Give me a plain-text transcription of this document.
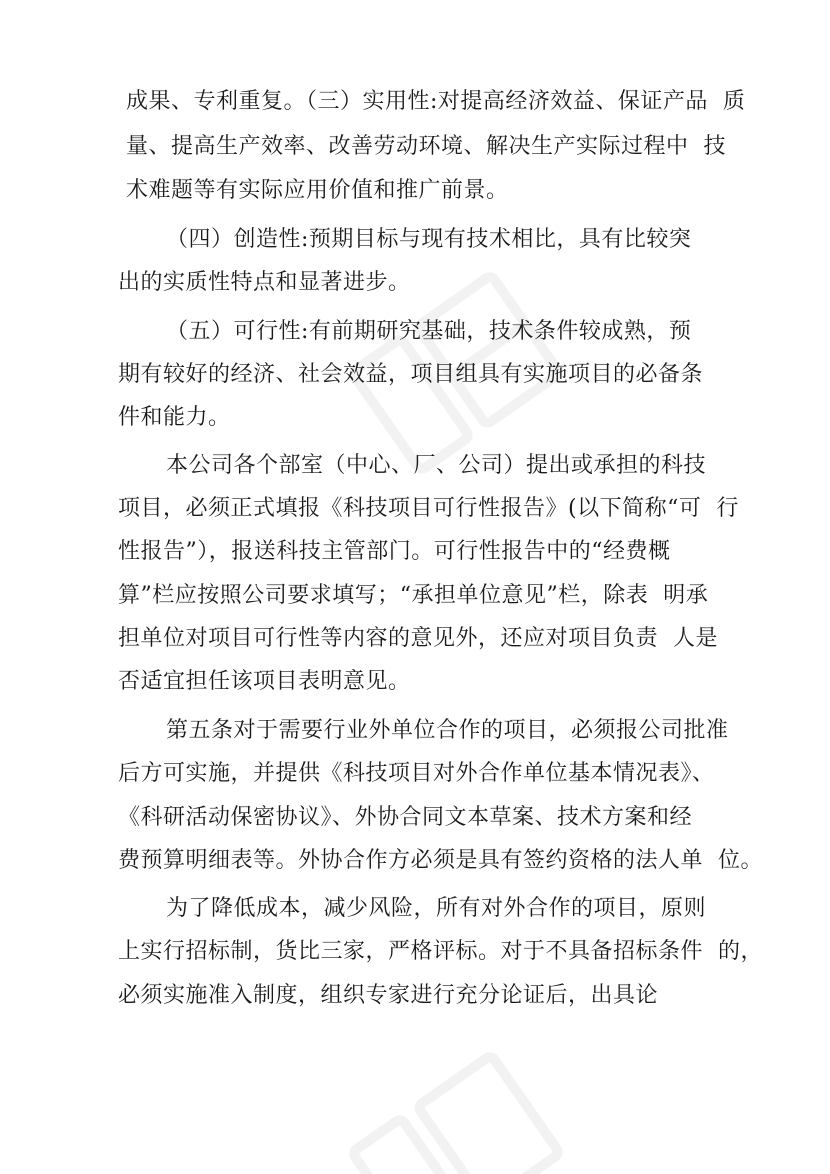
成果、专利重复。（三）实用性:对提高经济效益、保证产品  质
量、提高生产效率、改善劳动环境、解决生产实际过程中  技
术难题等有实际应用价值和推广前景。
（四）创造性:预期目标与现有技术相比，具有比较突
出的实质性特点和显著进步。
（五）可行性:有前期研究基础，技术条件较成熟，预
期有较好的经济、社会效益，项目组具有实施项目的必备条
件和能力。
本公司各个部室（中心、厂、公司）提出或承担的科技
项目，必须正式填报《科技项目可行性报告》(以下简称“可  行
性报告”），报送科技主管部门。可行性报告中的“经费概
算”栏应按照公司要求填写；“承担单位意见”栏，除表  明承
担单位对项目可行性等内容的意见外，还应对项目负责  人是
否适宜担任该项目表明意见。
第五条对于需要行业外单位合作的项目，必须报公司批准
后方可实施，并提供《科技项目对外合作单位基本情况表》、
《科研活动保密协议》、外协合同文本草案、技术方案和经
费预算明细表等。外协合作方必须是具有签约资格的法人单  位。
为了降低成本，减少风险，所有对外合作的项目，原则
上实行招标制，货比三家，严格评标。对于不具备招标条件  的，
必须实施准入制度，组织专家进行充分论证后，出具论
